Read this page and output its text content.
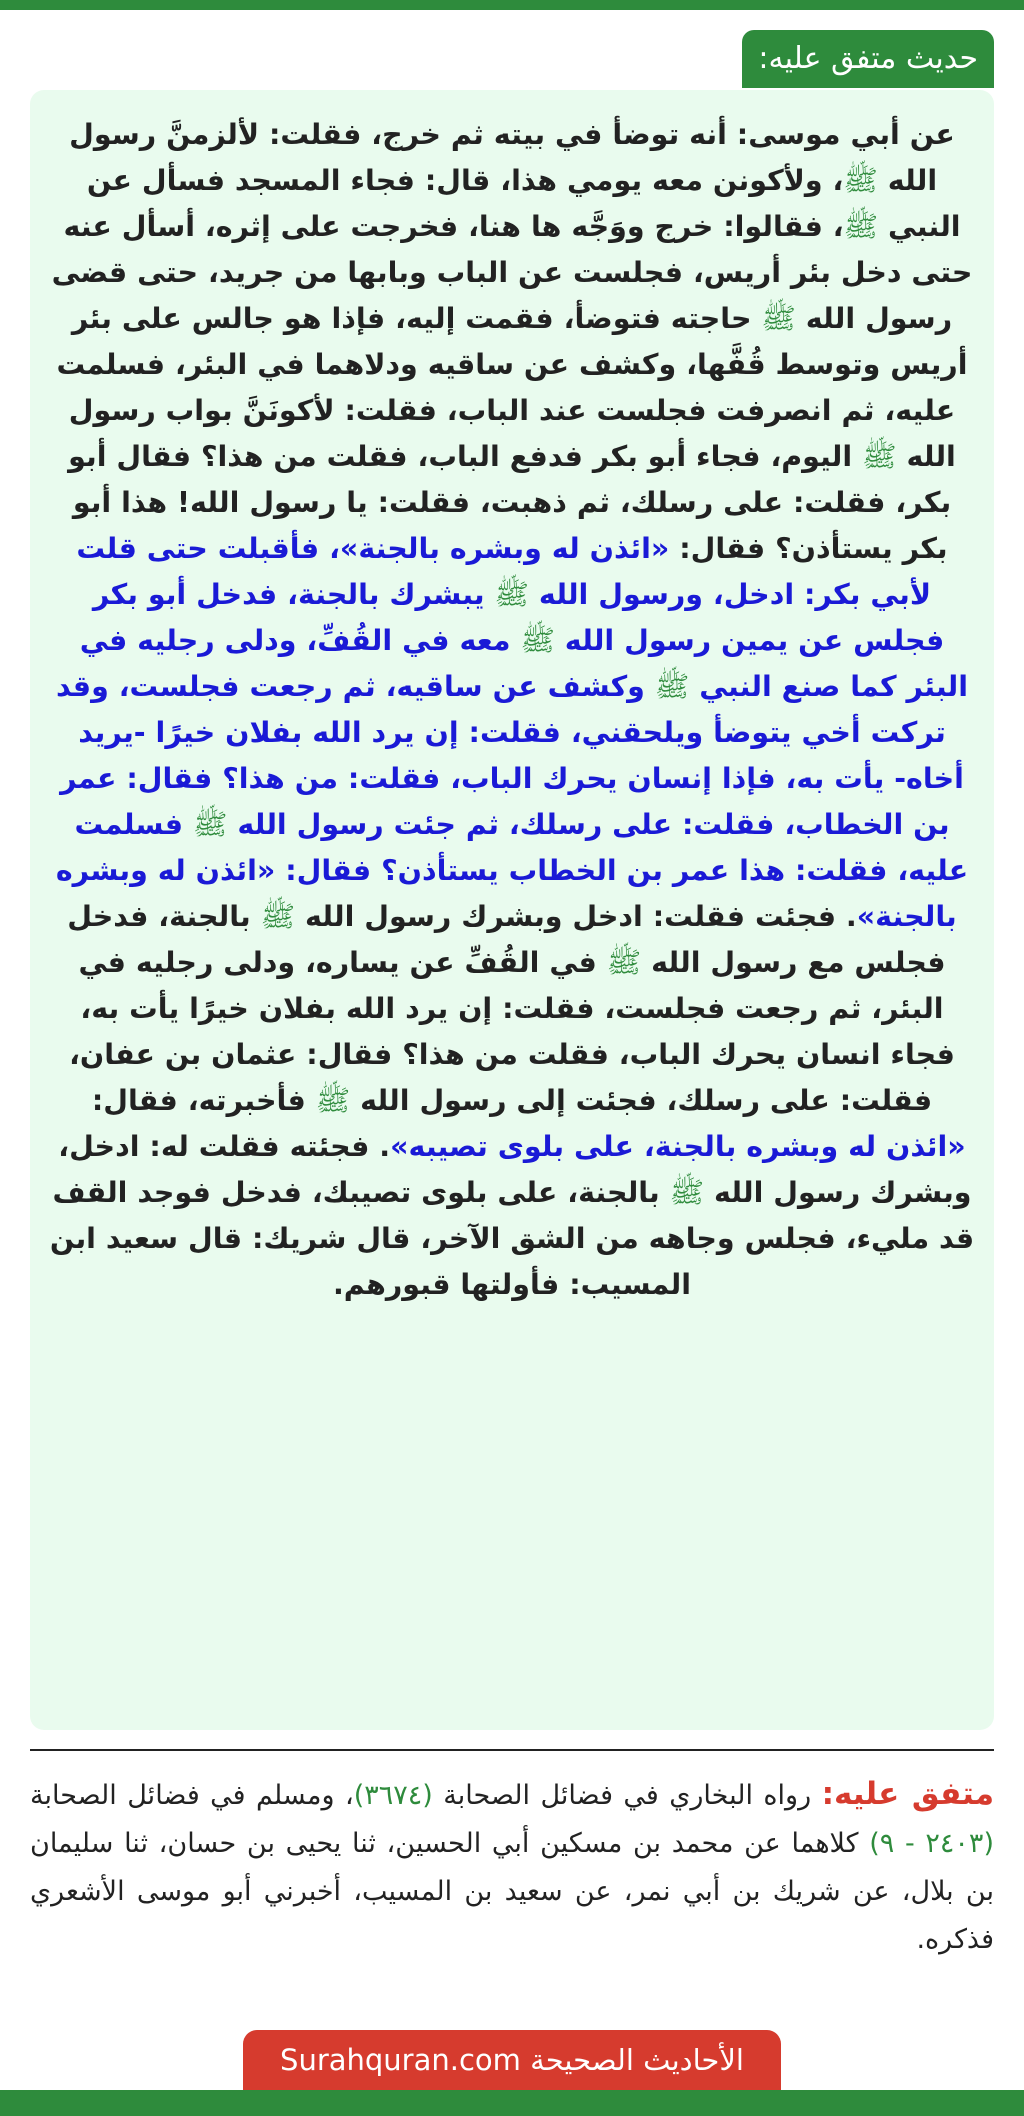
حديث متفق عليه:

عن أبي موسى: أنه توضأ في بيته ثم خرج، فقلت: لألزمنَّ رسول الله ﷺ، ولأكونن معه يومي هذا، قال: فجاء المسجد فسأل عن النبي ﷺ، فقالوا: خرج ووَجَّه ها هنا، فخرجت على إثره، أسأل عنه حتى دخل بئر أريس، فجلست عن الباب وبابها من جريد، حتى قضى رسول الله ﷺ حاجته فتوضأ، فقمت إليه، فإذا هو جالس على بئر أريس وتوسط قُفَّها، وكشف عن ساقيه ودلاهما في البئر، فسلمت عليه، ثم انصرفت فجلست عند الباب، فقلت: لأكونَنَّ بواب رسول الله ﷺ اليوم، فجاء أبو بكر فدفع الباب، فقلت من هذا؟ فقال أبو بكر، فقلت: على رسلك، ثم ذهبت، فقلت: يا رسول الله! هذا أبو بكر يستأذن؟ فقال: «ائذن له وبشره بالجنة»، فأقبلت حتى قلت لأبي بكر: ادخل، ورسول الله ﷺ يبشرك بالجنة، فدخل أبو بكر فجلس عن يمين رسول الله ﷺ معه في القُفِّ، ودلى رجليه في البئر كما صنع النبي ﷺ وكشف عن ساقيه، ثم رجعت فجلست، وقد تركت أخي يتوضأ ويلحقني، فقلت: إن يرد الله بفلان خيرًا -يريد أخاه- يأت به، فإذا إنسان يحرك الباب، فقلت: من هذا؟ فقال: عمر بن الخطاب، فقلت: على رسلك، ثم جئت رسول الله ﷺ فسلمت عليه، فقلت: هذا عمر بن الخطاب يستأذن؟ فقال: «ائذن له وبشره بالجنة». فجئت فقلت: ادخل وبشرك رسول الله ﷺ بالجنة، فدخل فجلس مع رسول الله ﷺ في القُفِّ عن يساره، ودلى رجليه في البئر، ثم رجعت فجلست، فقلت: إن يرد الله بفلان خيرًا يأت به، فجاء انسان يحرك الباب، فقلت من هذا؟ فقال: عثمان بن عفان، فقلت: على رسلك، فجئت إلى رسول الله ﷺ فأخبرته، فقال: «ائذن له وبشره بالجنة، على بلوى تصيبه». فجئته فقلت له: ادخل، وبشرك رسول الله ﷺ بالجنة، على بلوى تصيبك، فدخل فوجد القف قد مليء، فجلس وجاهه من الشق الآخر، قال شريك: قال سعيد ابن المسيب: فأولتها قبورهم.

متفق عليه: رواه البخاري في فضائل الصحابة (٣٦٧٤)، ومسلم في فضائل الصحابة (٢٤٠٣ - ٩) كلاهما عن محمد بن مسكين أبي الحسين، ثنا يحيى بن حسان، ثنا سليمان بن بلال، عن شريك بن أبي نمر، عن سعيد بن المسيب، أخبرني أبو موسى الأشعري فذكره.

الأحاديث الصحيحة Surahquran.com
